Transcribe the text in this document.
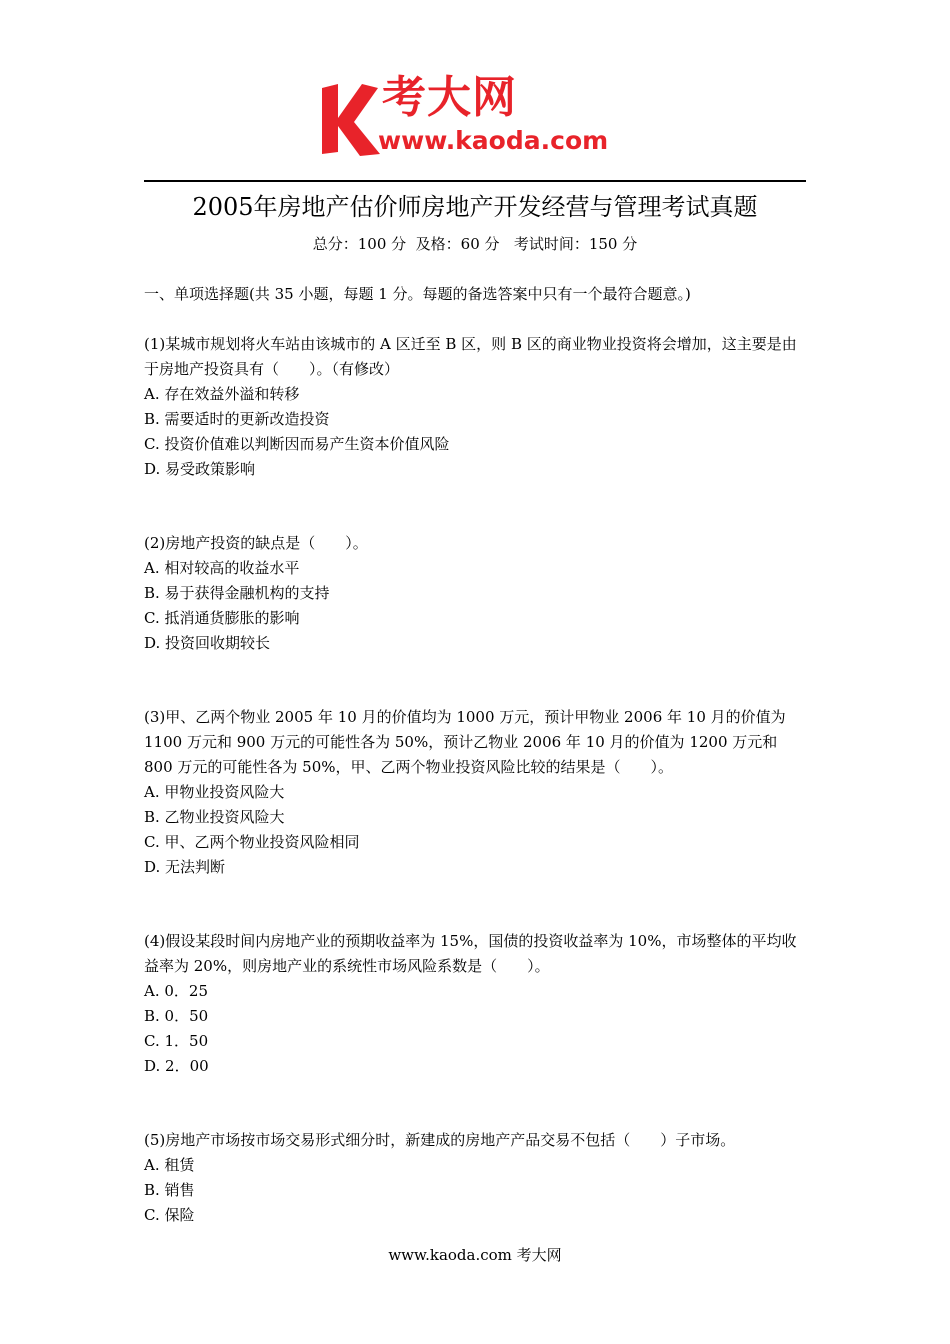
考大网
www.kaoda.com
2005年房地产估价师房地产开发经营与管理考试真题
总分：100 分  及格：60 分   考试时间：150 分
一、单项选择题(共 35 小题，每题 1 分。每题的备选答案中只有一个最符合题意。)

(1)某城市规划将火车站由该城市的 A 区迁至 B 区，则 B 区的商业物业投资将会增加，这主要是由于房地产投资具有（　　）。（有修改）

A. 存在效益外溢和转移

B. 需要适时的更新改造投资

C. 投资价值难以判断因而易产生资本价值风险

D. 易受政策影响

(2)房地产投资的缺点是（　　）。

A. 相对较高的收益水平

B. 易于获得金融机构的支持

C. 抵消通货膨胀的影响

D. 投资回收期较长

(3)甲、乙两个物业 2005 年 10 月的价值均为 1000 万元，预计甲物业 2006 年 10 月的价值为 1100 万元和 900 万元的可能性各为 50%，预计乙物业 2006 年 10 月的价值为 1200 万元和 800 万元的可能性各为 50%，甲、乙两个物业投资风险比较的结果是（　　）。

A. 甲物业投资风险大

B. 乙物业投资风险大

C. 甲、乙两个物业投资风险相同

D. 无法判断

(4)假设某段时间内房地产业的预期收益率为 15%，国债的投资收益率为 10%，市场整体的平均收益率为 20%，则房地产业的系统性市场风险系数是（　　）。

A. 0．25

B. 0．50

C. 1．50

D. 2．00

(5)房地产市场按市场交易形式细分时，新建成的房地产产品交易不包括（　　）子市场。

A. 租赁

B. 销售

C. 保险

www.kaoda.com 考大网
